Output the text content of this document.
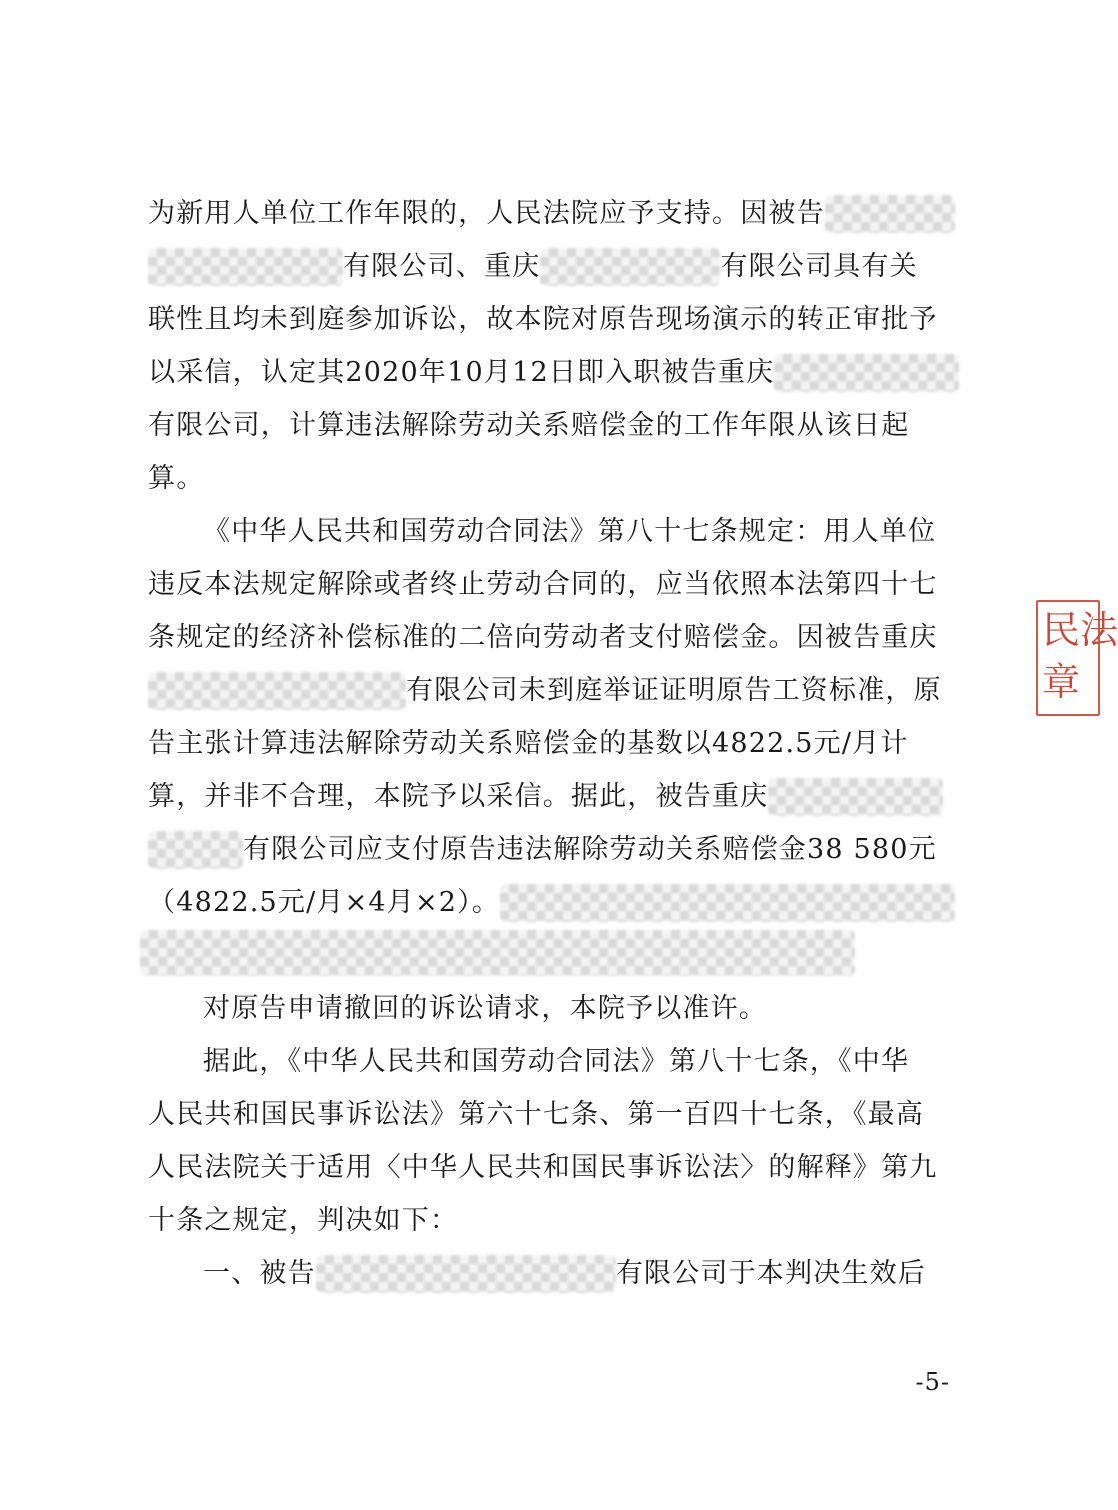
为新用人单位工作年限的，人民法院应予支持。因被告
有限公司、重庆	有限公司具有关
联性且均未到庭参加诉讼，故本院对原告现场演示的转正审批予
以采信，认定其2020年10月12日即入职被告重庆
有限公司，计算违法解除劳动关系赔偿金的工作年限从该日起
算。
《中华人民共和国劳动合同法》第八十七条规定：用人单位
违反本法规定解除或者终止劳动合同的，应当依照本法第四十七
条规定的经济补偿标准的二倍向劳动者支付赔偿金。因被告重庆
有限公司未到庭举证证明原告工资标准，原
告主张计算违法解除劳动关系赔偿金的基数以4822.5元/月计
算，并非不合理，本院予以采信。据此，被告重庆
有限公司应支付原告违法解除劳动关系赔偿金38 580元
（4822.5元/月×4月×2）。
对原告申请撤回的诉讼请求，本院予以准许。
据此，《中华人民共和国劳动合同法》第八十七条，《中华
人民共和国民事诉讼法》第六十七条、第一百四十七条，《最高
人民法院关于适用〈中华人民共和国民事诉讼法〉的解释》第九
十条之规定，判决如下：
一、被告	有限公司于本判决生效后
-5-
民法
章
